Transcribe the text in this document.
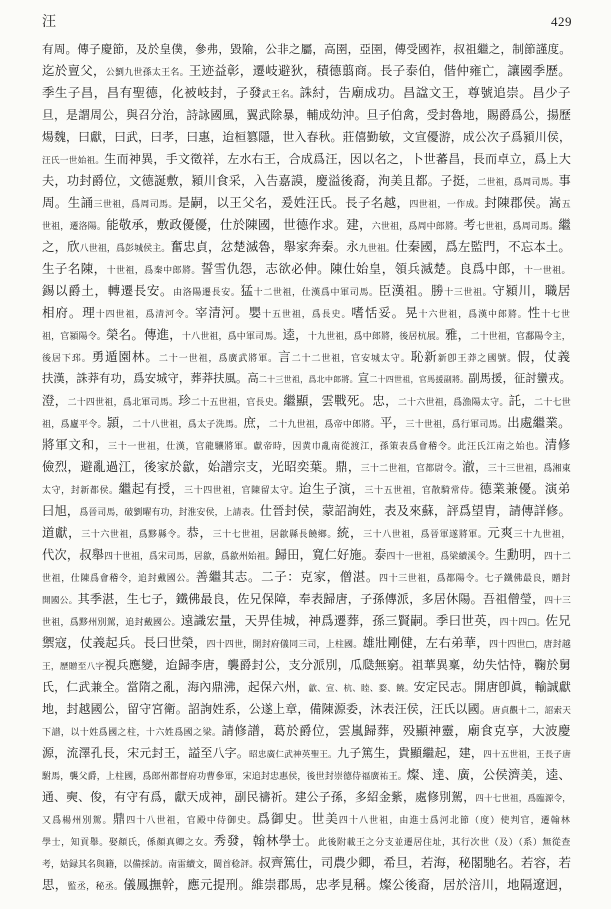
汪	429
有周。傳子慶節，及於皇僕，參弗，毀隃，公非之屬，高圉，亞圉，傳受國祚，叔祖繼之，制節謹度。
迄於亶父，公劉九世孫太王名。王迹益彰，遷岐避狄，積德翦商。長子泰伯，偕仲雍亡，讓國季歷。
季生子昌，昌有聖德，化被岐封，子發武王名。誅紂，告廟成功。昌諡文王，尊號追崇。昌少子
旦，是謂周公，與召分治，詩詠國風，翼武除暴，輔成幼沖。旦子伯禽，受封魯地，賜爵爲公，揚歷
煬魏，曰獻，曰武，曰孝，曰惠，迨桓篡隱，世入春秋。莊僖勤敏，文宣優游，成公次子爲潁川侯，
汪氏一世始祖。生而神異，手文徵祥，左水右王，合成爲汪，因以名之，卜世蕃昌，長而卓立，爲上大
夫，功封爵位，文德誕敷，潁川食采，入告嘉謨，慶溢後裔，洵美且都。子挺，二世祖，爲周司馬。事
周。生誦三世祖，爲周司馬。是嗣，以王父名，爰姓汪氏。長子名越，四世祖，一作成。封陳郡侯。嵩五
世祖，遷洛陽。能敬承，敷政優優，仕於陳國，世德作求。建，六世祖，爲周中郎將。考七世祖，爲周司馬。繼
之，欣八世祖，爲彭城侯主。奮忠貞，忿楚滅魯，舉家奔秦。永九世祖。仕秦國，爲左監門，不忘本土。
生子名陳，十世祖，爲秦中郎將。誓雪仇怨，志欲必伸。陳仕始皇，領兵滅楚。良爲中郎，十一世祖。
錫以爵土，轉遷長安。由洛陽遷長安。猛十二世祖，仕漢爲中軍司馬。臣漢祖。勝十三世祖。守潁川，職居
相府。理十四世祖，爲清河令。宰清河。嬰十五世祖，爲長史。嗜恬妥。晃十六世祖，爲漢中郎將。性十七世
祖，官潁陽令。榮名。傳進，十八世祖，爲中軍司馬。逵，十九世祖，爲中郎將，後居杭展。雅，二十世祖，官鄱陽令主，
後居下邳。勇遁園林。二十一世祖，爲廣武將軍。言二十二世祖，官安城太守。恥新新卽王莽之國號。假，仗義
扶漢，誅莽有功，爲安城守，葬莽扶風。高二十三世祖，爲北中郎將。宣二十四世祖，官馬援副將。副馬援，征討蠻戎。
澄，二十四世祖，爲北軍司馬。珍二十五世祖，官長史。繼顯，雲戰死。忠，二十六世祖，爲漁陽太守。託，二十七世
祖，爲廬平令。頴，二十八世祖，爲太子洗馬。庶，二十九世祖，爲帝中郎將。平，三十世祖，爲行軍司馬。出處繼業。
將軍文和，三十一世祖，仕漢，官龍驤將軍。獻帝時，因黄巾亂南從渡江，孫策表爲會稽令。此汪氏江南之始也。清修
儉烈，避亂過江，後家於歙，始譜宗支，光昭奕葉。鼎，三十二世祖，官都尉令。澈，三十三世祖，爲湘東
太守，封新都侯。繼起有授，三十四世祖，官陳留太守。迨生子演，三十五世祖，官散騎常侍。德業兼優。演弟
曰旭，爲晉司馬，破劉曜有功，封淮安侯，上請表。仕晉封侯，蒙詔詢姓，表及來蘇，評爲望胄，請傳詳修。
道獻，三十六世祖，爲黟縣令。恭，三十七世祖，居歙縣長饒鄉。統，三十八世祖，爲晉軍遂將軍。元爽三十九世祖，
代次，叔舉四十世祖，爲宋司馬，居歙，爲歙州始祖。歸田，寬仁好施。泰四十一世祖，爲梁續溪令。生勳明，四十二
世祖，仕陳爲會稽令，追封戴國公。善繼其志。二子：克家，僧湛。四十三世祖，爲都陽令。七子鐵佛最良，贈封
開國公。其季湛，生七子，鐵佛最良，佐兄保障，奉表歸唐，子孫傳派，多居休陽。吾祖僧瑩，四十三
世祖，爲黟州別駕，追封戴國公。遠識宏量，天畀佳城，神爲遷葬，孫三賢嗣。季曰世英，四十四□。佐兄
禦寇，仗義起兵。長曰世榮，四十四世，開封府儀同三司，上柱國。雄壯剛健，左右弟華，四十四世□，唐封越
王，歷贈至八字視兵應變，迨歸李唐，襲爵封公，支分派別，瓜瓞無窮。祖華異稟，幼失怙恃，鞠於舅
氏，仁武兼全。當隋之亂，海內鼎沸，起保六州，歙、宣、杭、睦、婺、饒。安定民志。開唐卽眞，輸誠獻
地，封越國公，留守宮衛。詔詢姓系，公遂上章，備陳源委，沐表汪侯，汪氏以國。唐貞觀十二，詔索天
下譜，以十姓爲國之柱，十六姓爲國之梁。請修譜，葛於爵位，雲嵐歸葬，殁顯神靈，廟食克享，大波慶
源，流澤孔長，宋元封王，謚至八字。昭忠廣仁武神英聖王。九子篤生，貴顯繼起，建，四十五世祖，王長子唐
駙馬，襲父爵，上柱國，爲郎州都督府功曹參軍，宋追封忠惠侯，後世封崇德侍福廣祐王。燦、達、廣，公侯濟美，逵、
通、奭、俊，有守有爲，獻天成神，副民禱祈。建公子孫，多紹金紫，處修別駕，四十七世祖，爲臨源令，
又爲楊州別駕。鼎四十八世祖，官殿中侍御史。爲御史。世美四十八世祖，由進士爲河北節（度）使判官，遷翰林
學士，知貢舉。娶顏氏，係顏真卿之女。秀發，翰林學士。此後附載王之分支並遷居住址，其行次世（及）（系）無從查
考，姑録其名與籍，以備採訪。南雷續文，閩首稔評。叔齊篤仕，司農少卿，希旦，若海，秘閣馳名。若容，若
思，監丞，秘丞。儀鳳撫幹，應元提刑。維崇郡馬，忠孝見稱。燦公後裔，居於涪川，地隔遼迥，
